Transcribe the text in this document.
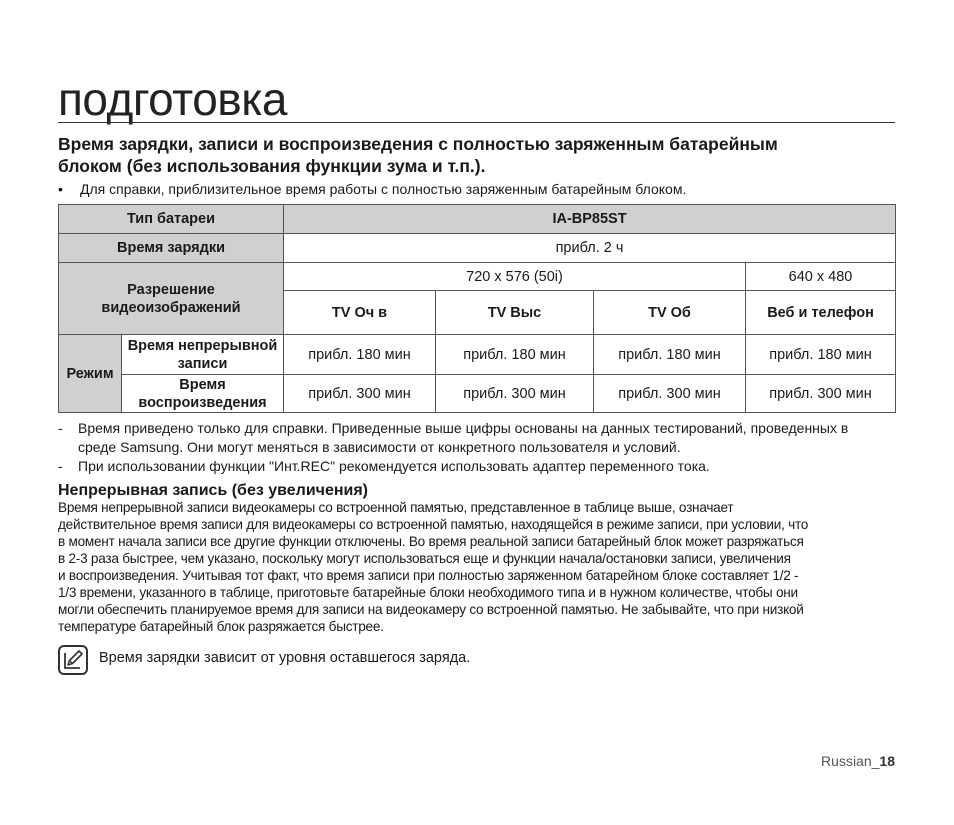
подготовка
Время зарядки, записи и воспроизведения с полностью заряженным батарейным
блоком (без использования функции зума и т.п.).
• Для справки, приблизительное время работы с полностью заряженным батарейным блоком.
Тип батареи		IA-BP85ST			
Время зарядки		прибл. 2 ч			

Разрешение
видеоизображений		720 x 576 (50i)			640 x 480
		TV Оч в	TV Выс	TV Об	Веб и телефон
Режим	Время непрерывной
записи	прибл. 180 мин	прибл. 180 мин	прибл. 180 мин	прибл. 180 мин
	Время воспроизведения	прибл. 300 мин	прибл. 300 мин	прибл. 300 мин	прибл. 300 мин
-	Время приведено только для справки. Приведенные выше цифры основаны на данных тестирований, проведенных в
среде Samsung. Они могут меняться в зависимости от конкретного пользователя и условий.
-	При использовании функции "Инт.REC" рекомендуется использовать адаптер переменного тока.
Непрерывная запись (без увеличения)
Время непрерывной записи видеокамеры со встроенной памятью, представленное в таблице выше, означает
действительное время записи для видеокамеры со встроенной памятью, находящейся в режиме записи, при условии, что
в момент начала записи все другие функции отключены. Во время реальной записи батарейный блок может разряжаться
в 2-3 раза быстрее, чем указано, поскольку могут использоваться еще и функции начала/остановки записи, увеличения
и воспроизведения. Учитывая тот факт, что время записи при полностью заряженном батарейном блоке составляет 1/2 -
1/3 времени, указанного в таблице, приготовьте батарейные блоки необходимого типа и в нужном количестве, чтобы они
могли обеспечить планируемое время для записи на видеокамеру со встроенной памятью. Не забывайте, что при низкой
температуре батарейный блок разряжается быстрее.
Время зарядки зависит от уровня оставшегося заряда.
Russian_18
